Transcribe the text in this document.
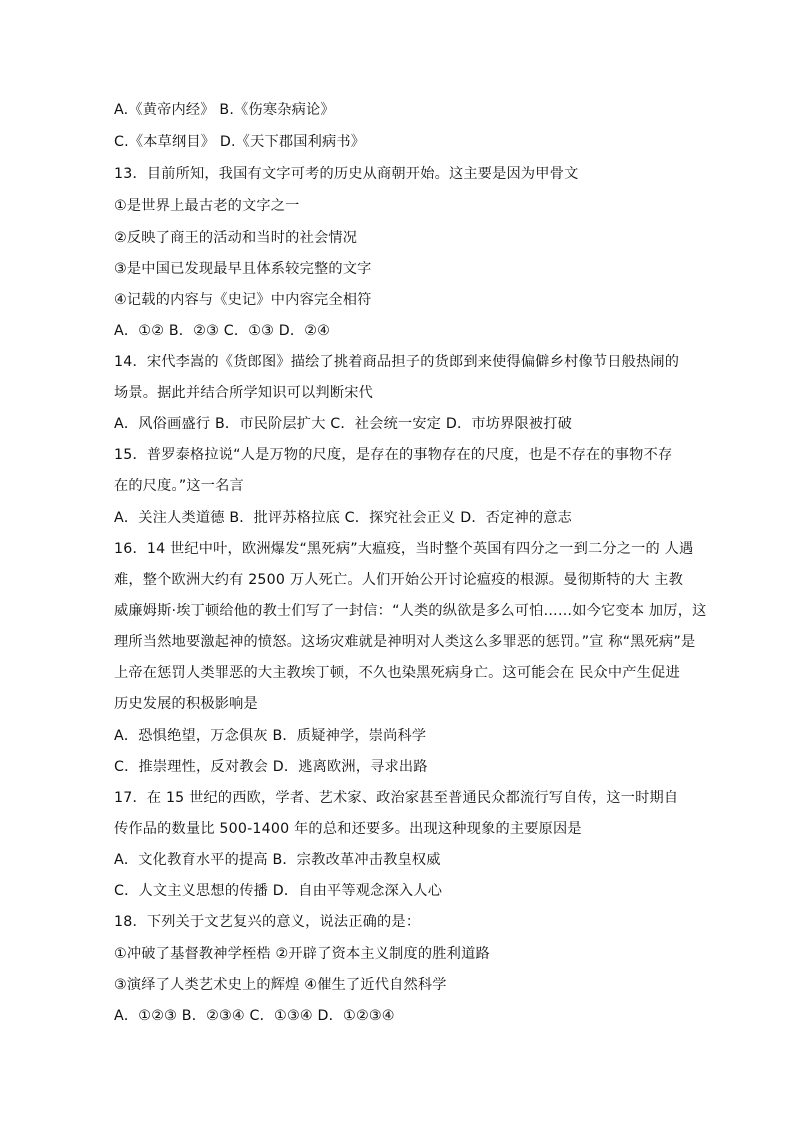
A.《黄帝内经》 B.《伤寒杂病论》
C.《本草纲目》 D.《天下郡国利病书》
13．目前所知，我国有文字可考的历史从商朝开始。这主要是因为甲骨文
①是世界上最古老的文字之一
②反映了商王的活动和当时的社会情况
③是中国已发现最早且体系较完整的文字
④记载的内容与《史记》中内容完全相符
A．①② B．②③ C．①③ D．②④
14．宋代李嵩的《货郎图》描绘了挑着商品担子的货郎到来使得偏僻乡村像节日般热闹的
场景。据此并结合所学知识可以判断宋代
A．风俗画盛行 B．市民阶层扩大 C．社会统一安定 D．市坊界限被打破
15．普罗泰格拉说“人是万物的尺度，是存在的事物存在的尺度，也是不存在的事物不存
在的尺度。”这一名言
A．关注人类道德 B．批评苏格拉底 C．探究社会正义 D．否定神的意志
16．14 世纪中叶，欧洲爆发“黑死病”大瘟疫，当时整个英国有四分之一到二分之一的 人遇
难，整个欧洲大约有 2500 万人死亡。人们开始公开讨论瘟疫的根源。曼彻斯特的大 主教
威廉姆斯·埃丁顿给他的教士们写了一封信：“人类的纵欲是多么可怕……如今它变本 加厉，这
理所当然地要激起神的愤怒。这场灾难就是神明对人类这么多罪恶的惩罚。”宣 称“黑死病”是
上帝在惩罚人类罪恶的大主教埃丁顿，不久也染黑死病身亡。这可能会在 民众中产生促进
历史发展的积极影响是
A．恐惧绝望，万念俱灰 B．质疑神学，崇尚科学
C．推崇理性，反对教会 D．逃离欧洲，寻求出路
17．在 15 世纪的西欧，学者、艺术家、政治家甚至普通民众都流行写自传，这一时期自
传作品的数量比 500-1400 年的总和还要多。出现这种现象的主要原因是
A．文化教育水平的提高 B．宗教改革冲击教皇权威
C．人文主义思想的传播 D．自由平等观念深入人心
18．下列关于文艺复兴的意义，说法正确的是：
①冲破了基督教神学桎梏 ②开辟了资本主义制度的胜利道路
③演绎了人类艺术史上的辉煌 ④催生了近代自然科学
A．①②③ B．②③④ C．①③④ D．①②③④
